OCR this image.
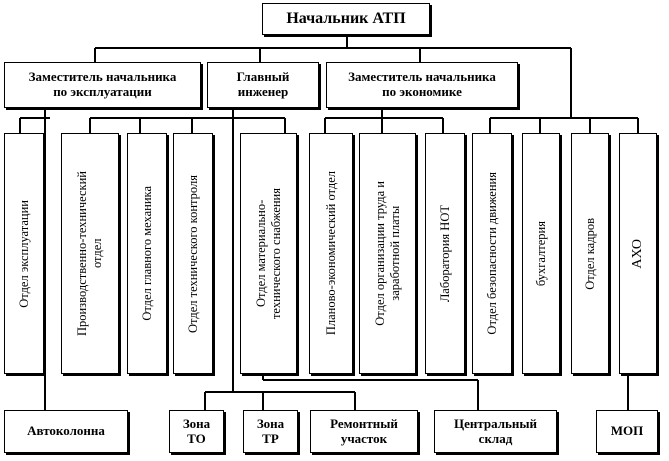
Начальник АТП
Заместитель начальника
по эксплуатации
Главный
инженер
Заместитель начальника
по экономике
Отдел эксплуатации	Производственно-технический
отдел	Отдел главного механика	Отдел технического контроля	Отдел материально-
технического снабжения	Планово-экономический отдел	Отдел организации труда и
заработной платы	Лаборатория НОТ	Отдел безопасности движения	бухгалтерия	Отдел кадров АХО
Автоколонна	Зона
ТО
Зона
ТР
Ремонтный
участок
Центральный
склад	МОП
